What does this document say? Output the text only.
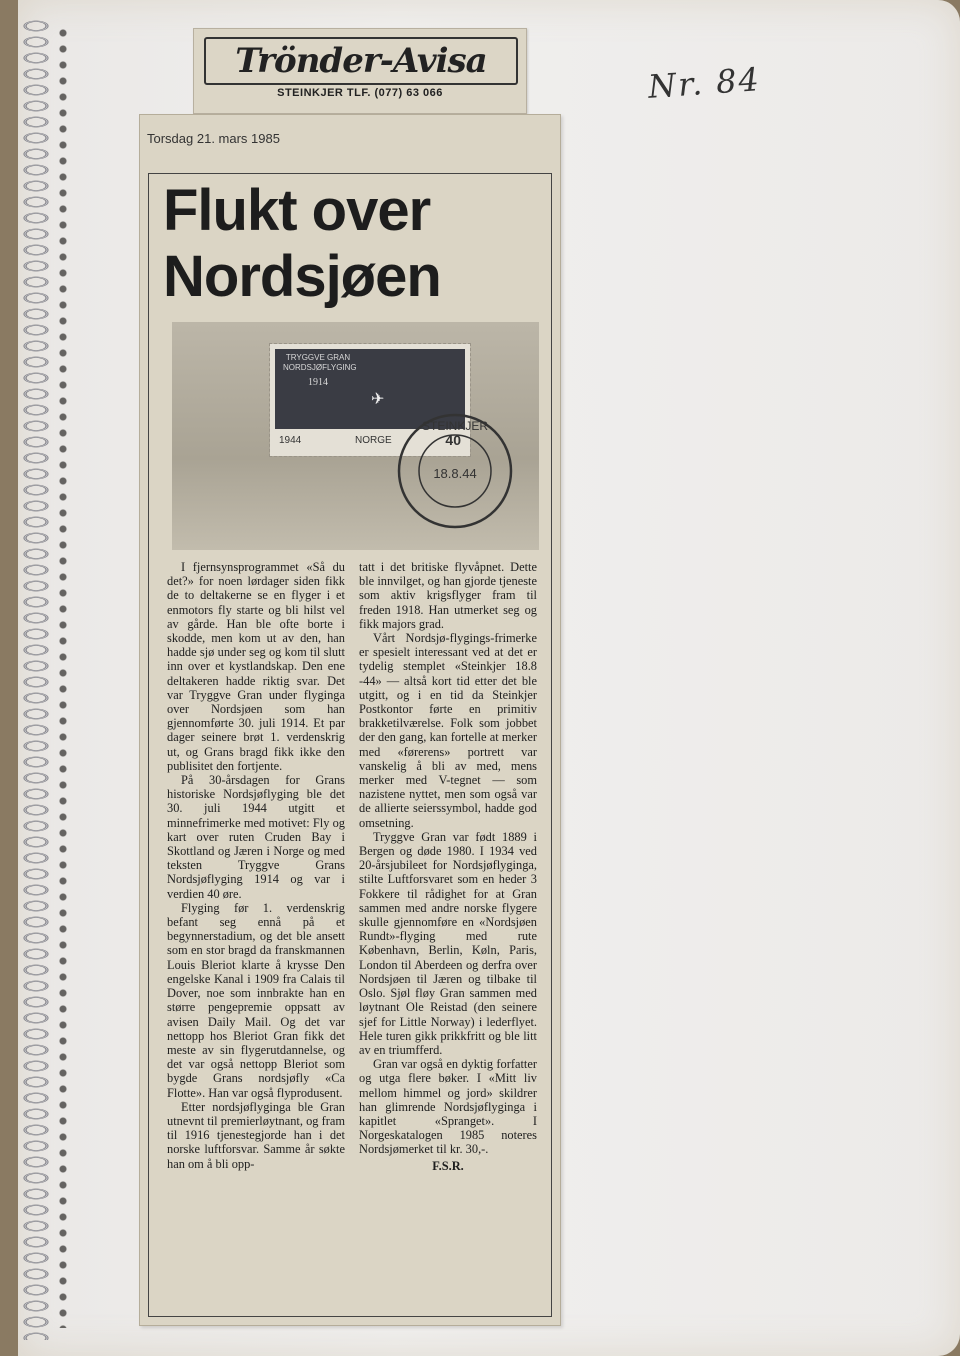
Nr. 84
Trönder-Avisa
STEINKJER TLF. (077) 63 066
Torsdag 21. mars 1985
Flukt over
Nordsjøen
TRYGGVE GRAN NORDSJØFLYGING
1914
✈
1944	NORGE	40
18.8.44
STEINKJER

I fjernsynsprogrammet «Så du det?» for noen lørdager siden fikk de to deltakerne se en flyger i et enmotors fly starte og bli hilst vel av gårde. Han ble ofte borte i skodde, men kom ut av den, han hadde sjø under seg og kom til slutt inn over et kystlandskap. Den ene deltakeren hadde riktig svar. Det var Tryggve Gran under flyginga over Nordsjøen som han gjennomførte 30. juli 1914. Et par dager seinere brøt 1. verdenskrig ut, og Grans bragd fikk ikke den publisitet den fortjente.

På 30-årsdagen for Grans historiske Nordsjøflyging ble det 30. juli 1944 utgitt et minnefrimerke med motivet: Fly og kart over ruten Cruden Bay i Skottland og Jæren i Norge og med teksten Tryggve Grans Nordsjøflyging 1914 og var i verdien 40 øre.

Flyging før 1. verdenskrig befant seg ennå på et begynnerstadium, og det ble ansett som en stor bragd da franskmannen Louis Bleriot klarte å krysse Den engelske Kanal i 1909 fra Calais til Dover, noe som innbrakte han en større pengepremie oppsatt av avisen Daily Mail. Og det var nettopp hos Bleriot Gran fikk det meste av sin flygerutdannelse, og det var også nettopp Bleriot som bygde Grans nordsjøfly «Ca Flotte». Han var også flyprodusent.

Etter nordsjøflyginga ble Gran utnevnt til premierløytnant, og fram til 1916 tjenestegjorde han i det norske luftforsvar. Samme år søkte han om å bli opp-

tatt i det britiske flyvåpnet. Dette ble innvilget, og han gjorde tjeneste som aktiv krigsflyger fram til freden 1918. Han utmerket seg og fikk majors grad.

Vårt Nordsjø-flygings-frimerke er spesielt interessant ved at det er tydelig stemplet «Steinkjer 18.8 -44» — altså kort tid etter det ble utgitt, og i en tid da Steinkjer Postkontor førte en primitiv brakketilværelse. Folk som jobbet der den gang, kan fortelle at merker med «førerens» portrett var vanskelig å bli av med, mens merker med V-tegnet — som nazistene nyttet, men som også var de allierte seierssymbol, hadde god omsetning.

Tryggve Gran var født 1889 i Bergen og døde 1980. I 1934 ved 20-årsjubileet for Nordsjøflyginga, stilte Luftforsvaret som en heder 3 Fokkere til rådighet for at Gran sammen med andre norske flygere skulle gjennomføre en «Nordsjøen Rundt»-flyging med rute København, Berlin, Køln, Paris, London til Aberdeen og derfra over Nordsjøen til Jæren og tilbake til Oslo. Sjøl fløy Gran sammen med løytnant Ole Reistad (den seinere sjef for Little Norway) i lederflyet. Hele turen gikk prikkfritt og ble litt av en triumfferd.

Gran var også en dyktig forfatter og utga flere bøker. I «Mitt liv mellom himmel og jord» skildrer han glimrende Nordsjøflyginga i kapitlet «Spranget». I Norgeskatalogen 1985 noteres Nordsjømerket til kr. 30,-.

F.S.R.
